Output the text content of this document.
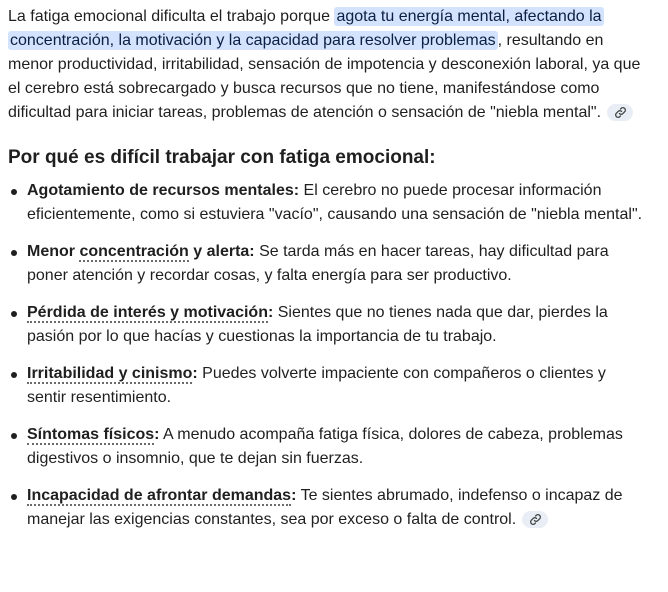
La fatiga emocional dificulta el trabajo porque agota tu energía mental, afectando la concentración, la motivación y la capacidad para resolver problemas , resultando en menor productividad, irritabilidad, sensación de impotencia y desconexión laboral, ya que el cerebro está sobrecargado y busca recursos que no tiene, manifestándose como dificultad para iniciar tareas, problemas de atención o sensación de "niebla mental".

Por qué es difícil trabajar con fatiga emocional:
Agotamiento de recursos mentales: El cerebro no puede procesar información eficientemente, como si estuviera "vacío", causando una sensación de "niebla mental".
Menor concentración y alerta: Se tarda más en hacer tareas, hay dificultad para poner atención y recordar cosas, y falta energía para ser productivo.
Pérdida de interés y motivación: Sientes que no tienes nada que dar, pierdes la pasión por lo que hacías y cuestionas la importancia de tu trabajo.
Irritabilidad y cinismo: Puedes volverte impaciente con compañeros o clientes y sentir resentimiento.
Síntomas físicos: A menudo acompaña fatiga física, dolores de cabeza, problemas digestivos o insomnio, que te dejan sin fuerzas.
Incapacidad de afrontar demandas: Te sientes abrumado, indefenso o incapaz de manejar las exigencias constantes, sea por exceso o falta de control.
